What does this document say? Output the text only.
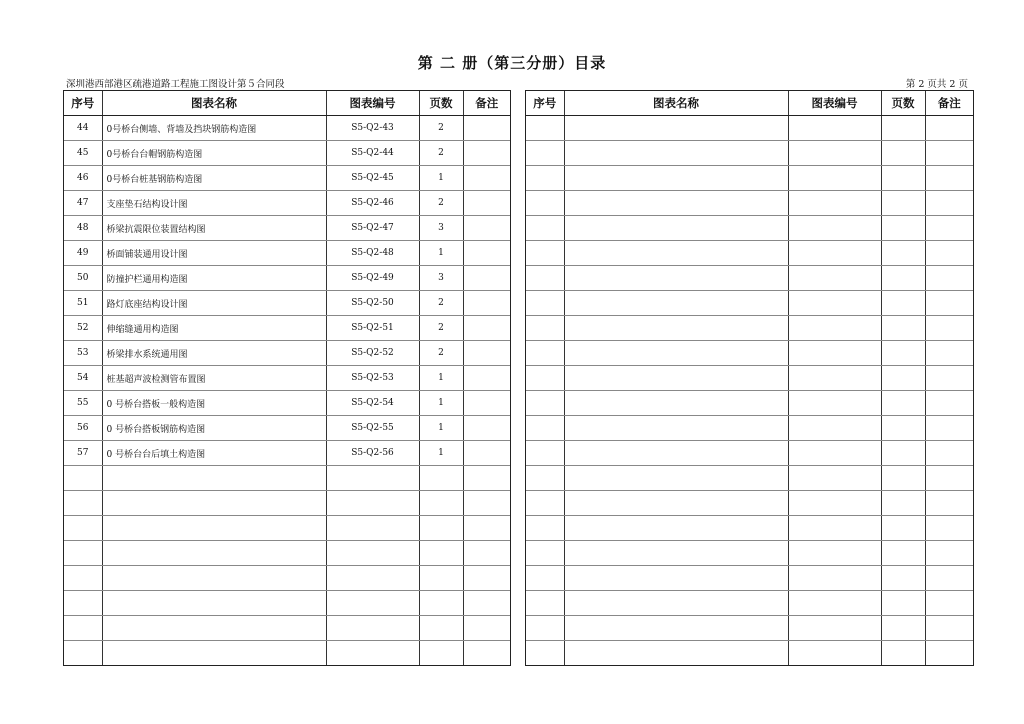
第 二 册（第三分册）目录
深圳港西部港区疏港道路工程施工图设计第５合同段	第 2 页共 2 页
序号	图表名称	图表编号	页数	备注
44	0号桥台侧墙、背墙及挡块钢筋构造图	S5-Q2-43	2	
45	0号桥台台帽钢筋构造图	S5-Q2-44	2	
46	0号桥台桩基钢筋构造图	S5-Q2-45	1	
47	支座垫石结构设计图	S5-Q2-46	2	
48	桥梁抗震限位装置结构图	S5-Q2-47	3	
49	桥面铺装通用设计图	S5-Q2-48	1	
50	防撞护栏通用构造图	S5-Q2-49	3	
51	路灯底座结构设计图	S5-Q2-50	2	
52	伸缩缝通用构造图	S5-Q2-51	2	
53	桥梁排水系统通用图	S5-Q2-52	2	
54	桩基超声波检测管布置图	S5-Q2-53	1	
55	0 号桥台搭板一般构造图	S5-Q2-54	1	
56	0 号桥台搭板钢筋构造图	S5-Q2-55	1	
57	0 号桥台台后填土构造图	S5-Q2-56	1	

序号	图表名称	图表编号	页数	备注
